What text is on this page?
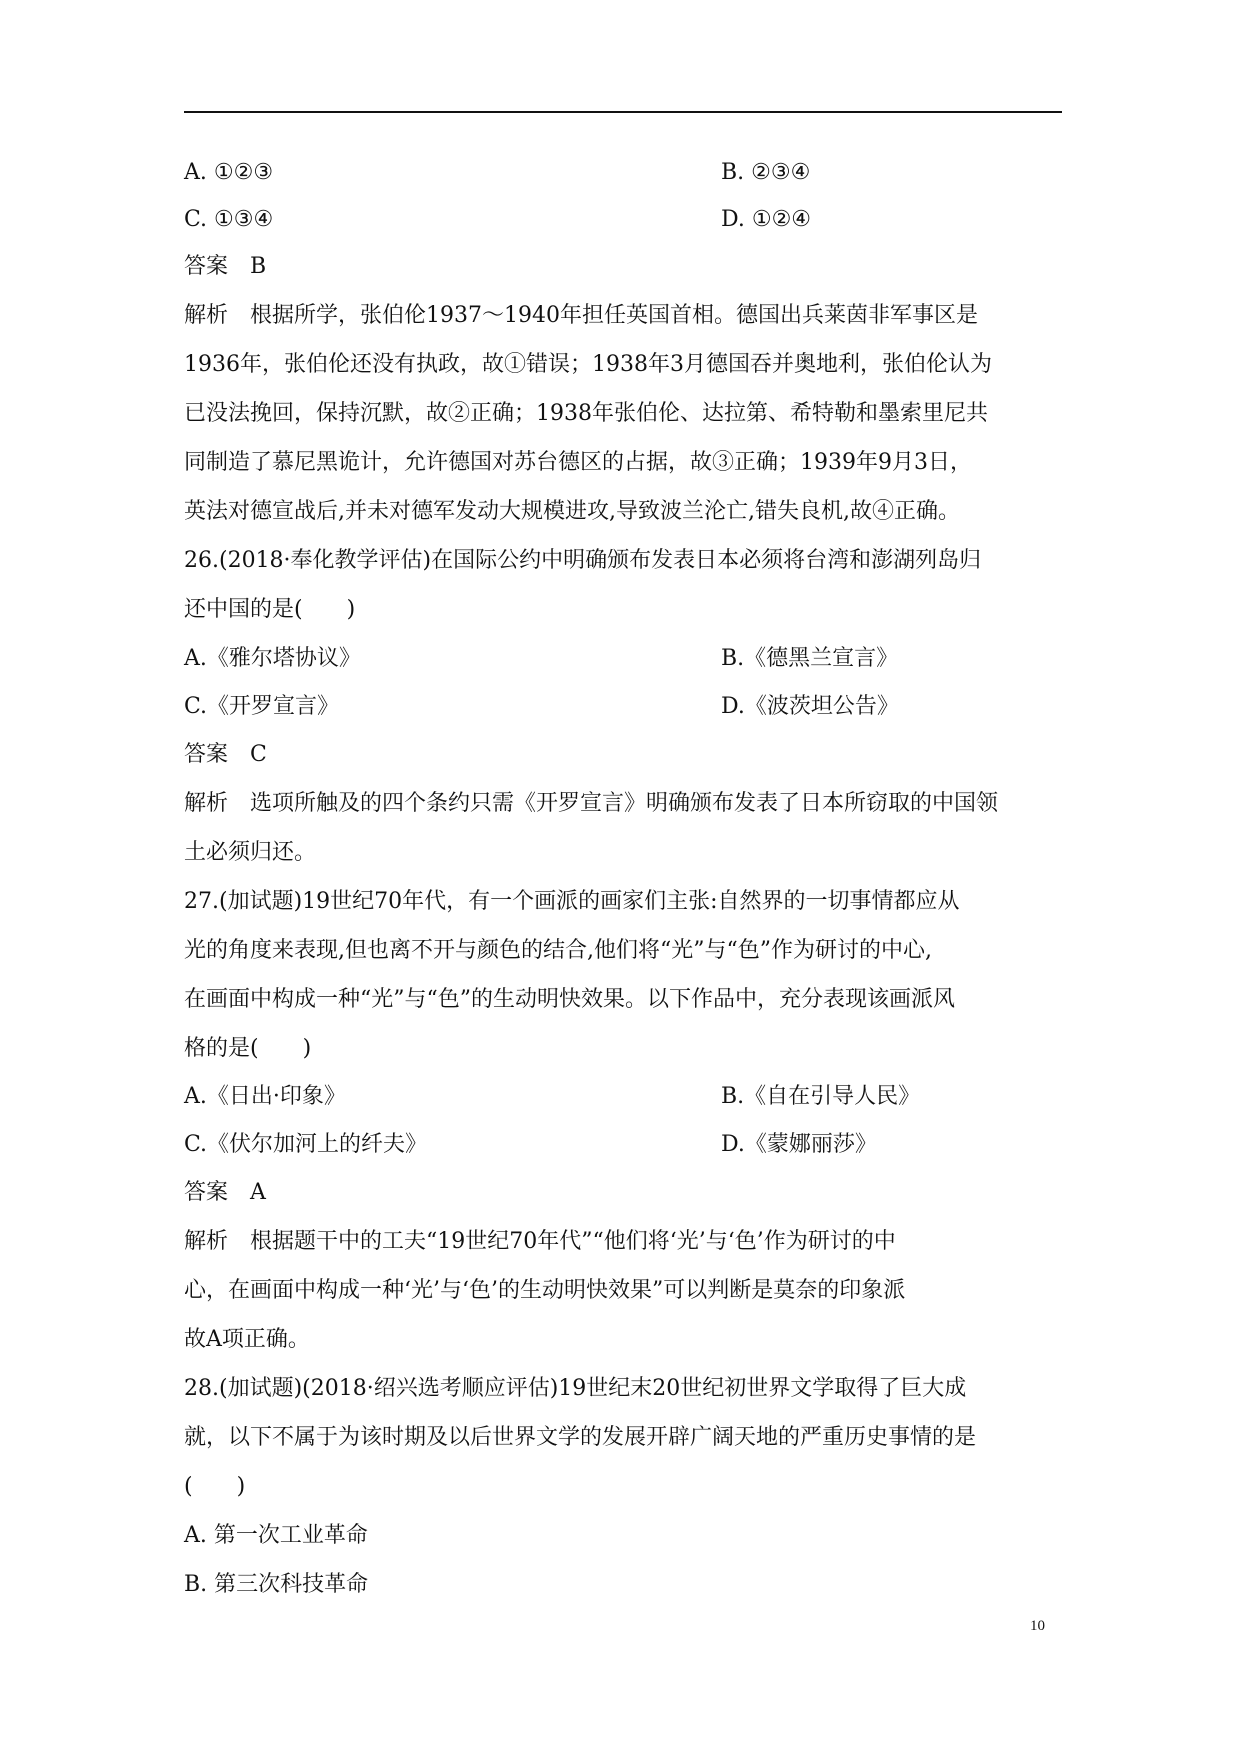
A. ①②③	B. ②③④
C. ①③④	D. ①②④
答案　B
解析　根据所学，张伯伦1937～1940年担任英国首相。德国出兵莱茵非军事区是
1936年，张伯伦还没有执政，故①错误；1938年3月德国吞并奥地利，张伯伦认为
已没法挽回，保持沉默，故②正确；1938年张伯伦、达拉第、希特勒和墨索里尼共
同制造了慕尼黑诡计，允许德国对苏台德区的占据，故③正确；1939年9月3日，
英法对德宣战后,并未对德军发动大规模进攻,导致波兰沦亡,错失良机,故④正确。
26.(2018·奉化教学评估)在国际公约中明确颁布发表日本必须将台湾和澎湖列岛归
还中国的是(　　)
A.《雅尔塔协议》	B.《德黑兰宣言》
C.《开罗宣言》	D.《波茨坦公告》
答案　C
解析　选项所触及的四个条约只需《开罗宣言》明确颁布发表了日本所窃取的中国领
土必须归还。
27.(加试题)19世纪70年代，有一个画派的画家们主张:自然界的一切事情都应从
光的角度来表现,但也离不开与颜色的结合,他们将“光”与“色”作为研讨的中心,
在画面中构成一种“光”与“色”的生动明快效果。以下作品中，充分表现该画派风
格的是(　　)
A.《日出·印象》	B.《自在引导人民》
C.《伏尔加河上的纤夫》	D.《蒙娜丽莎》
答案　A
解析　根据题干中的工夫“19世纪70年代”“他们将‘光’与‘色’作为研讨的中
心，在画面中构成一种‘光’与‘色’的生动明快效果”可以判断是莫奈的印象派
故A项正确。
28.(加试题)(2018·绍兴选考顺应评估)19世纪末20世纪初世界文学取得了巨大成
就，以下不属于为该时期及以后世界文学的发展开辟广阔天地的严重历史事情的是
(　　)
A. 第一次工业革命
B. 第三次科技革命
10
